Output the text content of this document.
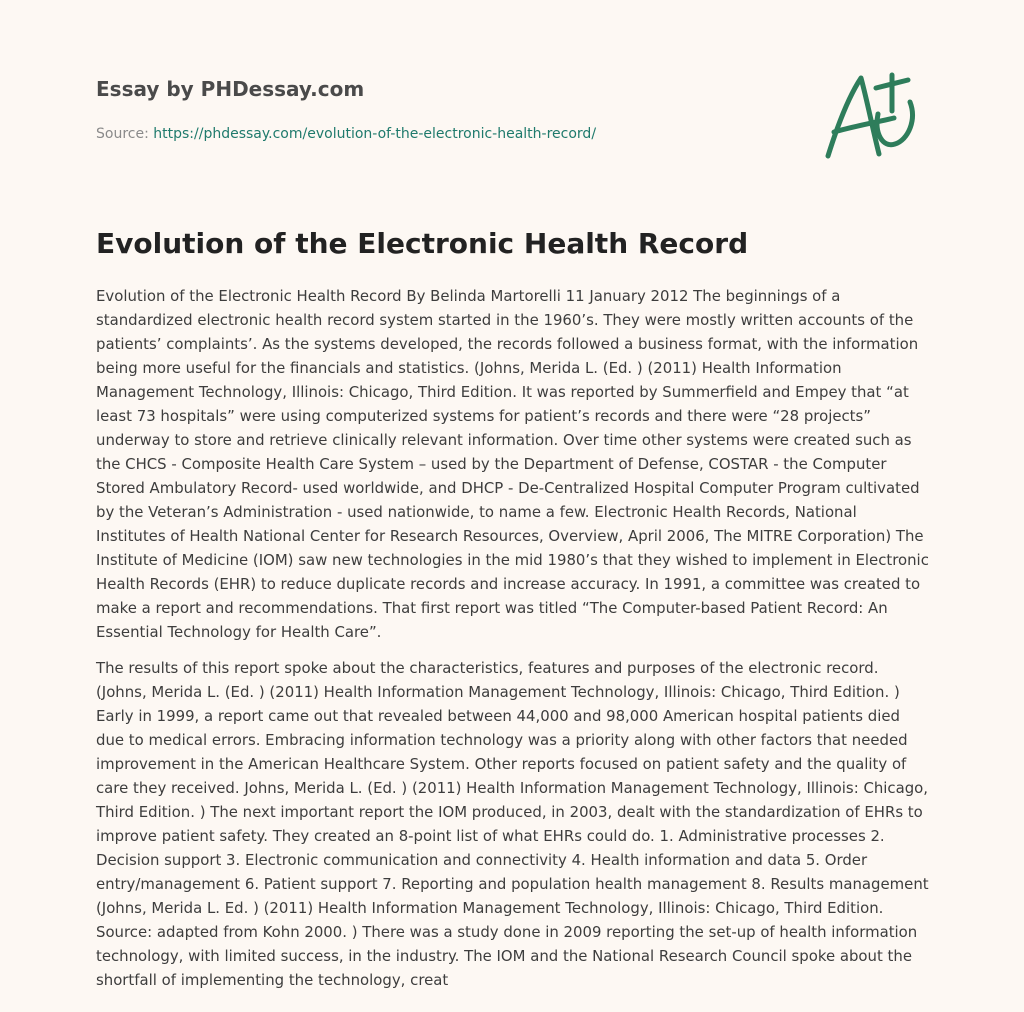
Essay by PHDessay.com
Source: https://phdessay.com/evolution-of-the-electronic-health-record/
Evolution of the Electronic Health Record

Evolution of the Electronic Health Record By Belinda Martorelli 11 January 2012 The beginnings of a standardized electronic health record system started in the 1960’s. They were mostly written accounts of the patients’ complaints’. As the systems developed, the records followed a business format, with the information being more useful for the financials and statistics. (Johns, Merida L. (Ed. ) (2011) Health Information Management Technology, Illinois: Chicago, Third Edition. It was reported by Summerfield and Empey that “at least 73 hospitals” were using computerized systems for patient’s records and there were “28 projects” underway to store and retrieve clinically relevant information. Over time other systems were created such as the CHCS - Composite Health Care System – used by the Department of Defense, COSTAR - the Computer Stored Ambulatory Record- used worldwide, and DHCP - De-Centralized Hospital Computer Program cultivated by the Veteran’s Administration - used nationwide, to name a few. Electronic Health Records, National Institutes of Health National Center for Research Resources, Overview, April 2006, The MITRE Corporation) The Institute of Medicine (IOM) saw new technologies in the mid 1980’s that they wished to implement in Electronic Health Records (EHR) to reduce duplicate records and increase accuracy. In 1991, a committee was created to make a report and recommendations. That first report was titled “The Computer-based Patient Record: An Essential Technology for Health Care”.

The results of this report spoke about the characteristics, features and purposes of the electronic record. (Johns, Merida L. (Ed. ) (2011) Health Information Management Technology, Illinois: Chicago, Third Edition. ) Early in 1999, a report came out that revealed between 44,000 and 98,000 American hospital patients died due to medical errors. Embracing information technology was a priority along with other factors that needed improvement in the American Healthcare System. Other reports focused on patient safety and the quality of care they received. Johns, Merida L. (Ed. ) (2011) Health Information Management Technology, Illinois: Chicago, Third Edition. ) The next important report the IOM produced, in 2003, dealt with the standardization of EHRs to improve patient safety. They created an 8-point list of what EHRs could do. 1. Administrative processes 2. Decision support 3. Electronic communication and connectivity 4. Health information and data 5. Order entry/management 6. Patient support 7. Reporting and population health management 8. Results management (Johns, Merida L. Ed. ) (2011) Health Information Management Technology, Illinois: Chicago, Third Edition. Source: adapted from Kohn 2000. ) There was a study done in 2009 reporting the set-up of health information technology, with limited success, in the industry. The IOM and the National Research Council spoke about the shortfall of implementing the technology, creat
